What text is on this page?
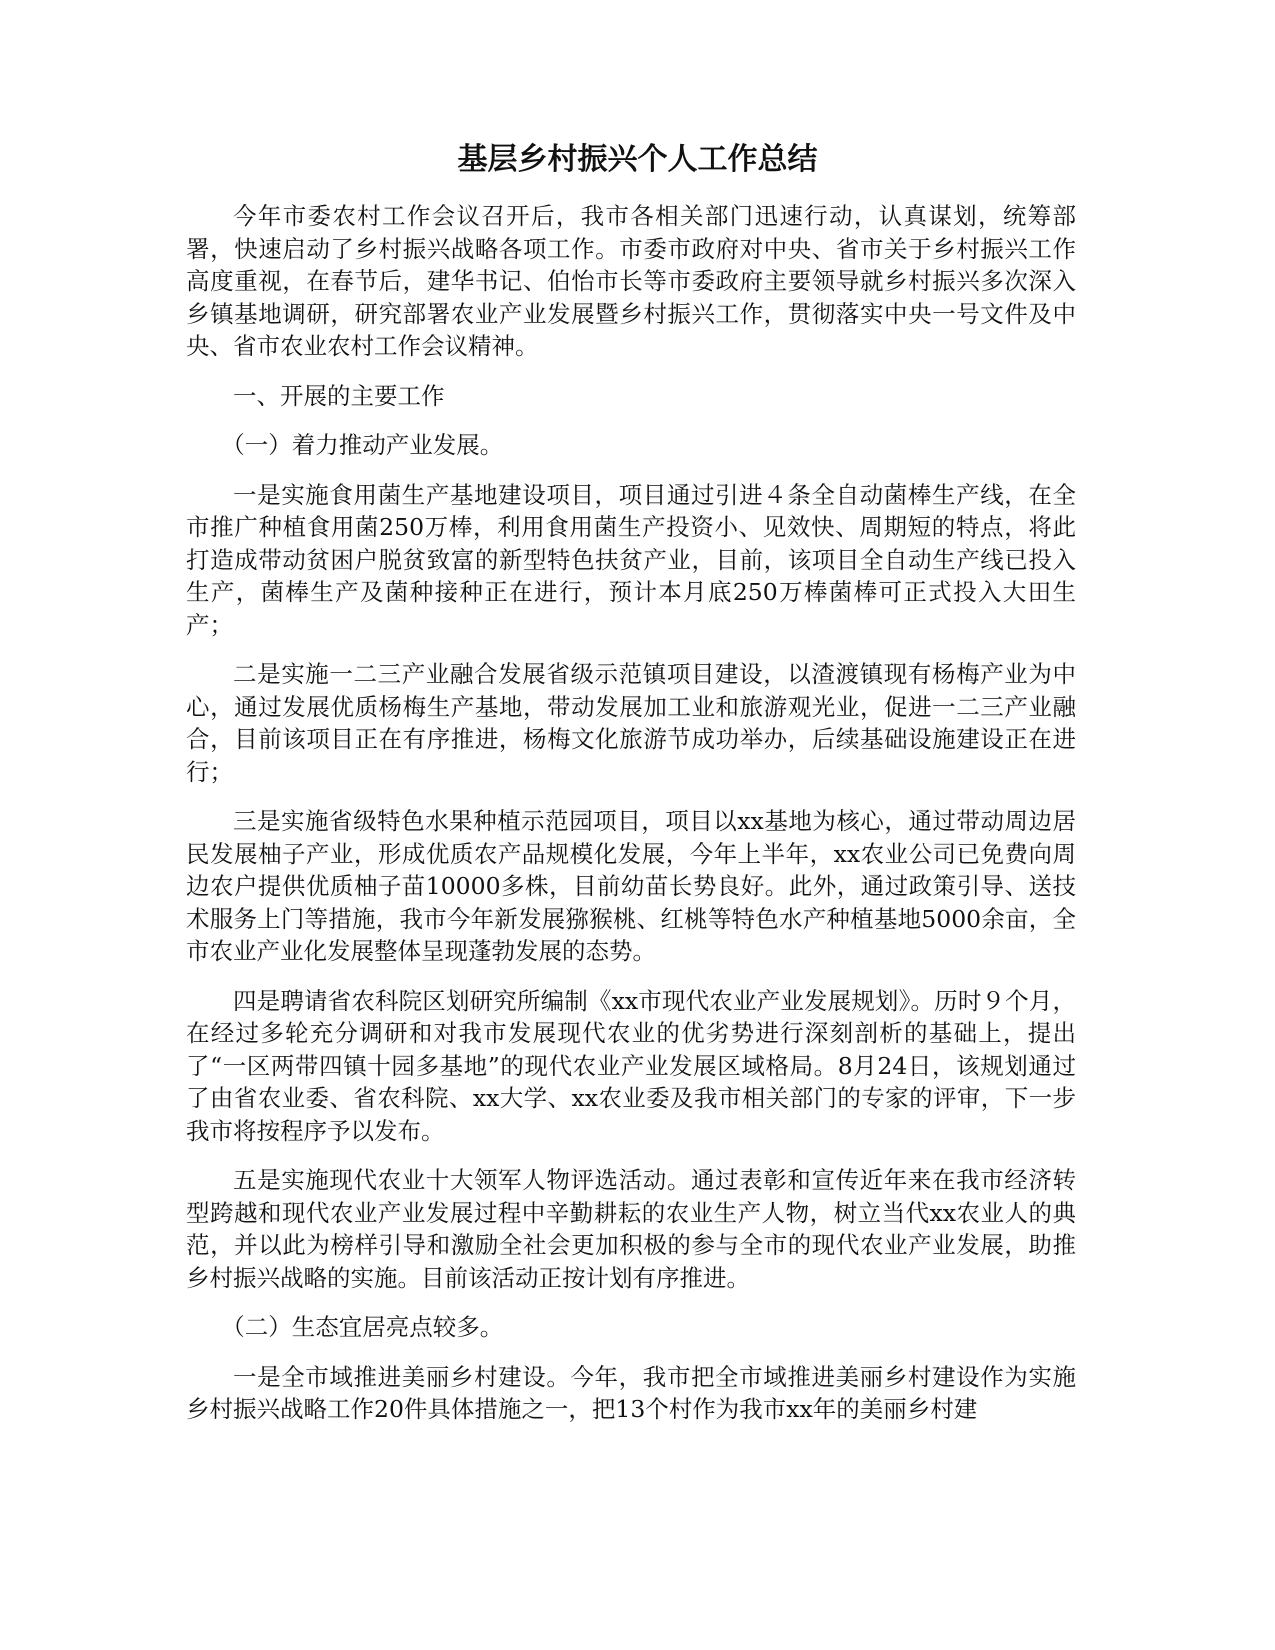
基层乡村振兴个人工作总结

今年市委农村工作会议召开后，我市各相关部门迅速行动，认真谋划，统筹部署，快速启动了乡村振兴战略各项工作。市委市政府对中央、省市关于乡村振兴工作高度重视，在春节后，建华书记、伯怡市长等市委政府主要领导就乡村振兴多次深入乡镇基地调研，研究部署农业产业发展暨乡村振兴工作，贯彻落实中央一号文件及中央、省市农业农村工作会议精神。

一、开展的主要工作

（一）着力推动产业发展。

一是实施食用菌生产基地建设项目，项目通过引进４条全自动菌棒生产线，在全市推广种植食用菌250万棒，利用食用菌生产投资小、见效快、周期短的特点，将此打造成带动贫困户脱贫致富的新型特色扶贫产业，目前，该项目全自动生产线已投入生产，菌棒生产及菌种接种正在进行，预计本月底250万棒菌棒可正式投入大田生产；

二是实施一二三产业融合发展省级示范镇项目建设，以渣渡镇现有杨梅产业为中心，通过发展优质杨梅生产基地，带动发展加工业和旅游观光业，促进一二三产业融合，目前该项目正在有序推进，杨梅文化旅游节成功举办，后续基础设施建设正在进行；

三是实施省级特色水果种植示范园项目，项目以xx基地为核心，通过带动周边居民发展柚子产业，形成优质农产品规模化发展，今年上半年，xx农业公司已免费向周边农户提供优质柚子苗10000多株，目前幼苗长势良好。此外，通过政策引导、送技术服务上门等措施，我市今年新发展猕猴桃、红桃等特色水产种植基地5000余亩，全市农业产业化发展整体呈现蓬勃发展的态势。

四是聘请省农科院区划研究所编制《xx市现代农业产业发展规划》。历时９个月，在经过多轮充分调研和对我市发展现代农业的优劣势进行深刻剖析的基础上，提出了“一区两带四镇十园多基地”的现代农业产业发展区域格局。8月24日，该规划通过了由省农业委、省农科院、xx大学、xx农业委及我市相关部门的专家的评审，下一步我市将按程序予以发布。

五是实施现代农业十大领军人物评选活动。通过表彰和宣传近年来在我市经济转型跨越和现代农业产业发展过程中辛勤耕耘的农业生产人物，树立当代xx农业人的典范，并以此为榜样引导和激励全社会更加积极的参与全市的现代农业产业发展，助推乡村振兴战略的实施。目前该活动正按计划有序推进。

（二）生态宜居亮点较多。

一是全市域推进美丽乡村建设。今年，我市把全市域推进美丽乡村建设作为实施乡村振兴战略工作20件具体措施之一，把13个村作为我市xx年的美丽乡村建
